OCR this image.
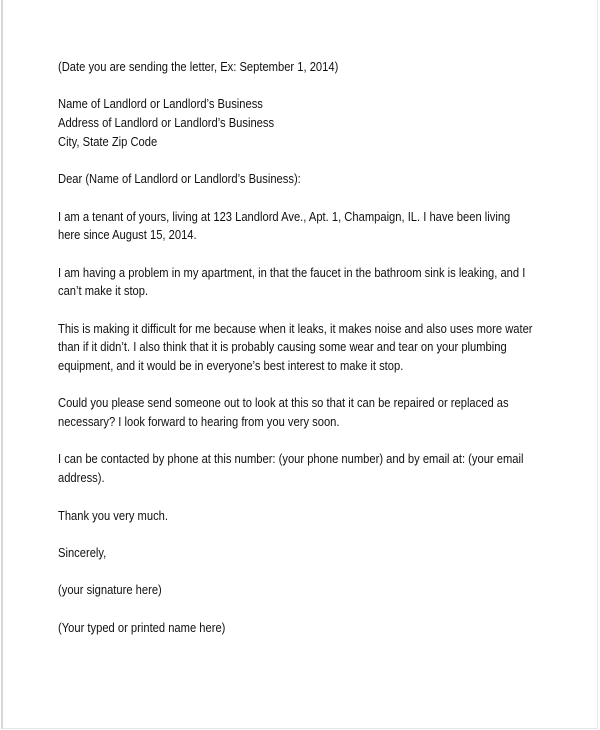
(Date you are sending the letter, Ex: September 1, 2014)
Name of Landlord or Landlord’s Business
Address of Landlord or Landlord’s Business
City, State Zip Code
Dear (Name of Landlord or Landlord’s Business):
I am a tenant of yours, living at 123 Landlord Ave., Apt. 1, Champaign, IL. I have been living
here since August 15, 2014.
I am having a problem in my apartment, in that the faucet in the bathroom sink is leaking, and I
can’t make it stop.
This is making it difficult for me because when it leaks, it makes noise and also uses more water
than if it didn’t. I also think that it is probably causing some wear and tear on your plumbing
equipment, and it would be in everyone’s best interest to make it stop.
Could you please send someone out to look at this so that it can be repaired or replaced as
necessary? I look forward to hearing from you very soon.
I can be contacted by phone at this number: (your phone number) and by email at: (your email
address).
Thank you very much.
Sincerely,
(your signature here)
(Your typed or printed name here)
